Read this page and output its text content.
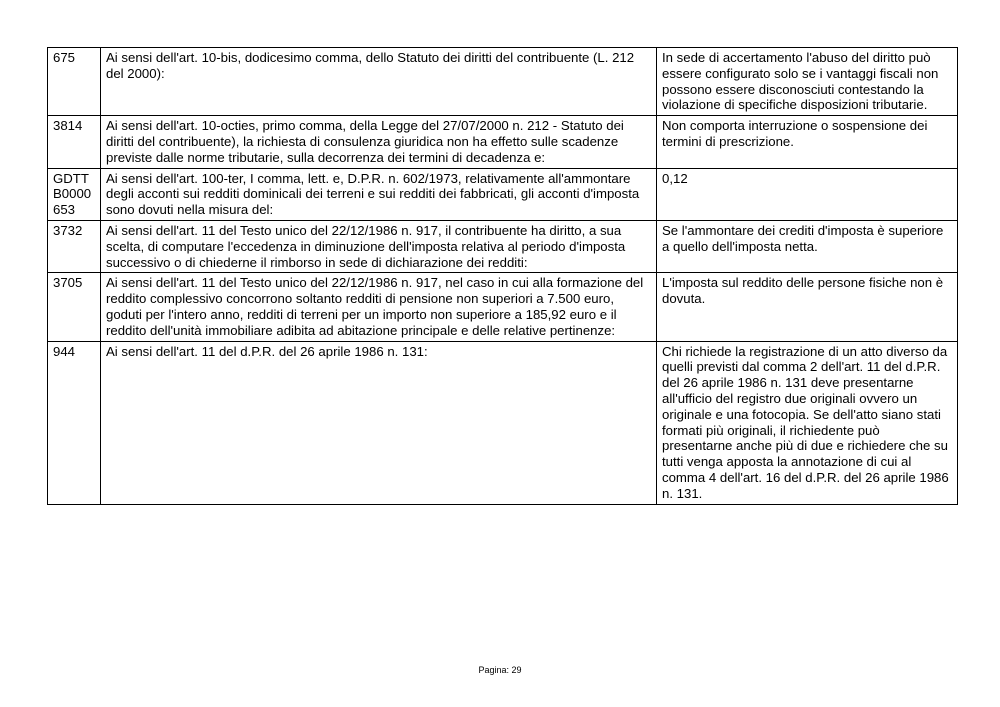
675	Ai sensi dell'art. 10-bis, dodicesimo comma, dello Statuto dei diritti del contribuente (L. 212 del 2000):	In sede di accertamento l'abuso del diritto può essere configurato solo se i vantaggi fiscali non possono essere disconosciuti contestando la violazione di specifiche disposizioni tributarie.
3814	Ai sensi dell'art. 10-octies, primo comma, della Legge del 27/07/2000 n. 212 - Statuto dei diritti del contribuente), la richiesta di consulenza giuridica non ha effetto sulle scadenze previste dalle norme tributarie, sulla decorrenza dei termini di decadenza e:	Non comporta interruzione o sospensione dei termini di prescrizione.
GDTT B0000 653	Ai sensi dell'art. 100-ter, I comma, lett. e, D.P.R. n. 602/1973, relativamente all'ammontare degli acconti sui redditi dominicali dei terreni e sui redditi dei fabbricati, gli acconti d'imposta sono dovuti nella misura del:	0,12
3732	Ai sensi dell'art. 11 del Testo unico del 22/12/1986 n. 917, il contribuente ha diritto, a sua scelta, di computare l'eccedenza in diminuzione dell'imposta relativa al periodo d'imposta successivo o di chiederne il rimborso in sede di dichiarazione dei redditi:	Se l'ammontare dei crediti d'imposta è superiore a quello dell'imposta netta.
3705	Ai sensi dell'art. 11 del Testo unico del 22/12/1986 n. 917, nel caso in cui alla formazione del reddito complessivo concorrono soltanto redditi di pensione non superiori a 7.500 euro, goduti per l'intero anno, redditi di terreni per un importo non superiore a 185,92 euro e il reddito dell'unità immobiliare adibita ad abitazione principale e delle relative pertinenze:	L'imposta sul reddito delle persone fisiche non è dovuta.
944	Ai sensi dell'art. 11 del d.P.R. del 26 aprile 1986 n. 131:	Chi richiede la registrazione di un atto diverso da quelli previsti dal comma 2 dell'art. 11 del d.P.R. del 26 aprile 1986 n. 131 deve presentarne all'ufficio del registro due originali ovvero un originale e una fotocopia. Se dell'atto siano stati formati più originali, il richiedente può presentarne anche più di due e richiedere che su tutti venga apposta la annotazione di cui al comma 4 dell'art. 16 del d.P.R. del 26 aprile 1986 n. 131.
Pagina: 29
